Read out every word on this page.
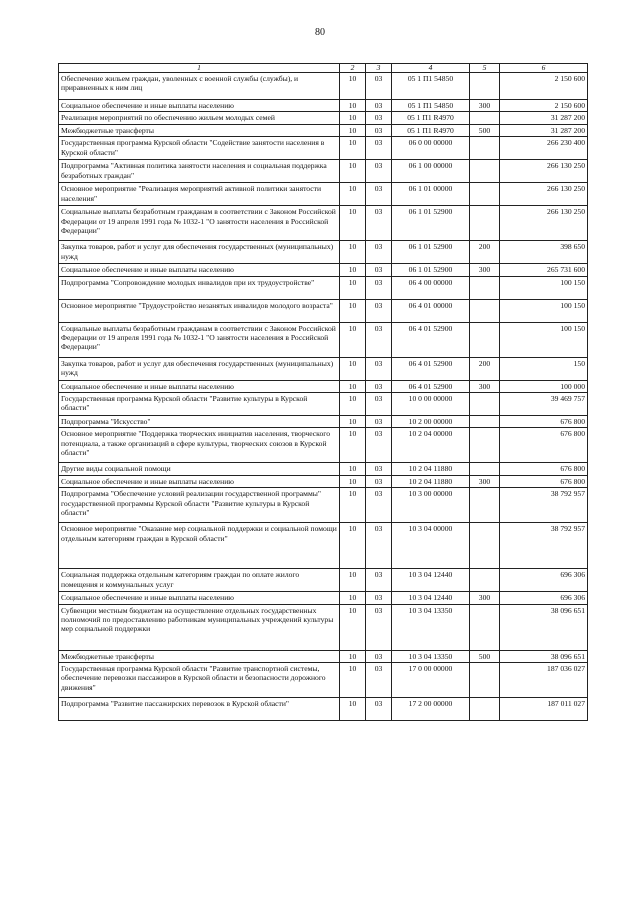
80
1	2	3	4	5	6
Обеспечение жильем граждан, уволенных с военной службы (службы), и приравненных к ним лиц	10	03	05 1 П1 54850		2 150 600
Социальное обеспечение и иные выплаты населению	10	03	05 1 П1 54850	300	2 150 600
Реализация мероприятий по обеспечению жильем молодых семей	10	03	05 1 П1 R4970		31 287 200
Межбюджетные трансферты	10	03	05 1 П1 R4970	500	31 287 200
Государственная программа Курской области "Содействие занятости населения в Курской области"	10	03	06 0 00 00000		266 230 400
Подпрограмма "Активная политика занятости населения и социальная поддержка безработных граждан"	10	03	06 1 00 00000		266 130 250
Основное мероприятие "Реализация мероприятий активной политики занятости населения"	10	03	06 1 01 00000		266 130 250
Социальные выплаты безработным гражданам в соответствии с Законом Российской Федерации от 19 апреля 1991 года № 1032-1 "О занятости населения в Российской Федерации"	10	03	06 1 01 52900		266 130 250
Закупка товаров, работ и услуг для обеспечения государственных (муниципальных) нужд	10	03	06 1 01 52900	200	398 650
Социальное обеспечение и иные выплаты населению	10	03	06 1 01 52900	300	265 731 600
Подпрограмма "Сопровождение молодых инвалидов при их трудоустройстве"	10	03	06 4 00 00000		100 150
Основное мероприятие "Трудоустройство незанятых инвалидов молодого возраста"	10	03	06 4 01 00000		100 150
Социальные выплаты безработным гражданам в соответствии с Законом Российской Федерации от 19 апреля 1991 года № 1032-1 "О занятости населения в Российской Федерации"	10	03	06 4 01 52900		100 150
Закупка товаров, работ и услуг для обеспечения государственных (муниципальных) нужд	10	03	06 4 01 52900	200	150
Социальное обеспечение и иные выплаты населению	10	03	06 4 01 52900	300	100 000
Государственная программа Курской области "Развитие культуры в Курской области"	10	03	10 0 00 00000		39 469 757
Подпрограмма "Искусство"	10	03	10 2 00 00000		676 800
Основное мероприятие "Поддержка творческих инициатив населения, творческого потенциала, а также организаций в сфере культуры, творческих союзов в Курской области"	10	03	10 2 04 00000		676 800
Другие виды социальной помощи	10	03	10 2 04 11880		676 800
Социальное обеспечение и иные выплаты населению	10	03	10 2 04 11880	300	676 800
Подпрограмма "Обеспечение условий реализации государственной программы" государственной программы Курской области "Развитие культуры в Курской области"	10	03	10 3 00 00000		38 792 957
Основное мероприятие "Оказание мер социальной поддержки и социальной помощи отдельным категориям граждан в Курской области"	10	03	10 3 04 00000		38 792 957
Социальная поддержка отдельным категориям граждан по оплате жилого помещения и коммунальных услуг	10	03	10 3 04 12440		696 306
Социальное обеспечение и иные выплаты населению	10	03	10 3 04 12440	300	696 306
Субвенции местным бюджетам на осуществление отдельных государственных полномочий по предоставлению работникам муниципальных учреждений культуры мер социальной поддержки	10	03	10 3 04 13350		38 096 651
Межбюджетные трансферты	10	03	10 3 04 13350	500	38 096 651
Государственная программа Курской области "Развитие транспортной системы, обеспечение перевозки пассажиров в Курской области и безопасности дорожного движения"	10	03	17 0 00 00000		187 036 027
Подпрограмма "Развитие пассажирских перевозок в Курской области"	10	03	17 2 00 00000		187 011 027
